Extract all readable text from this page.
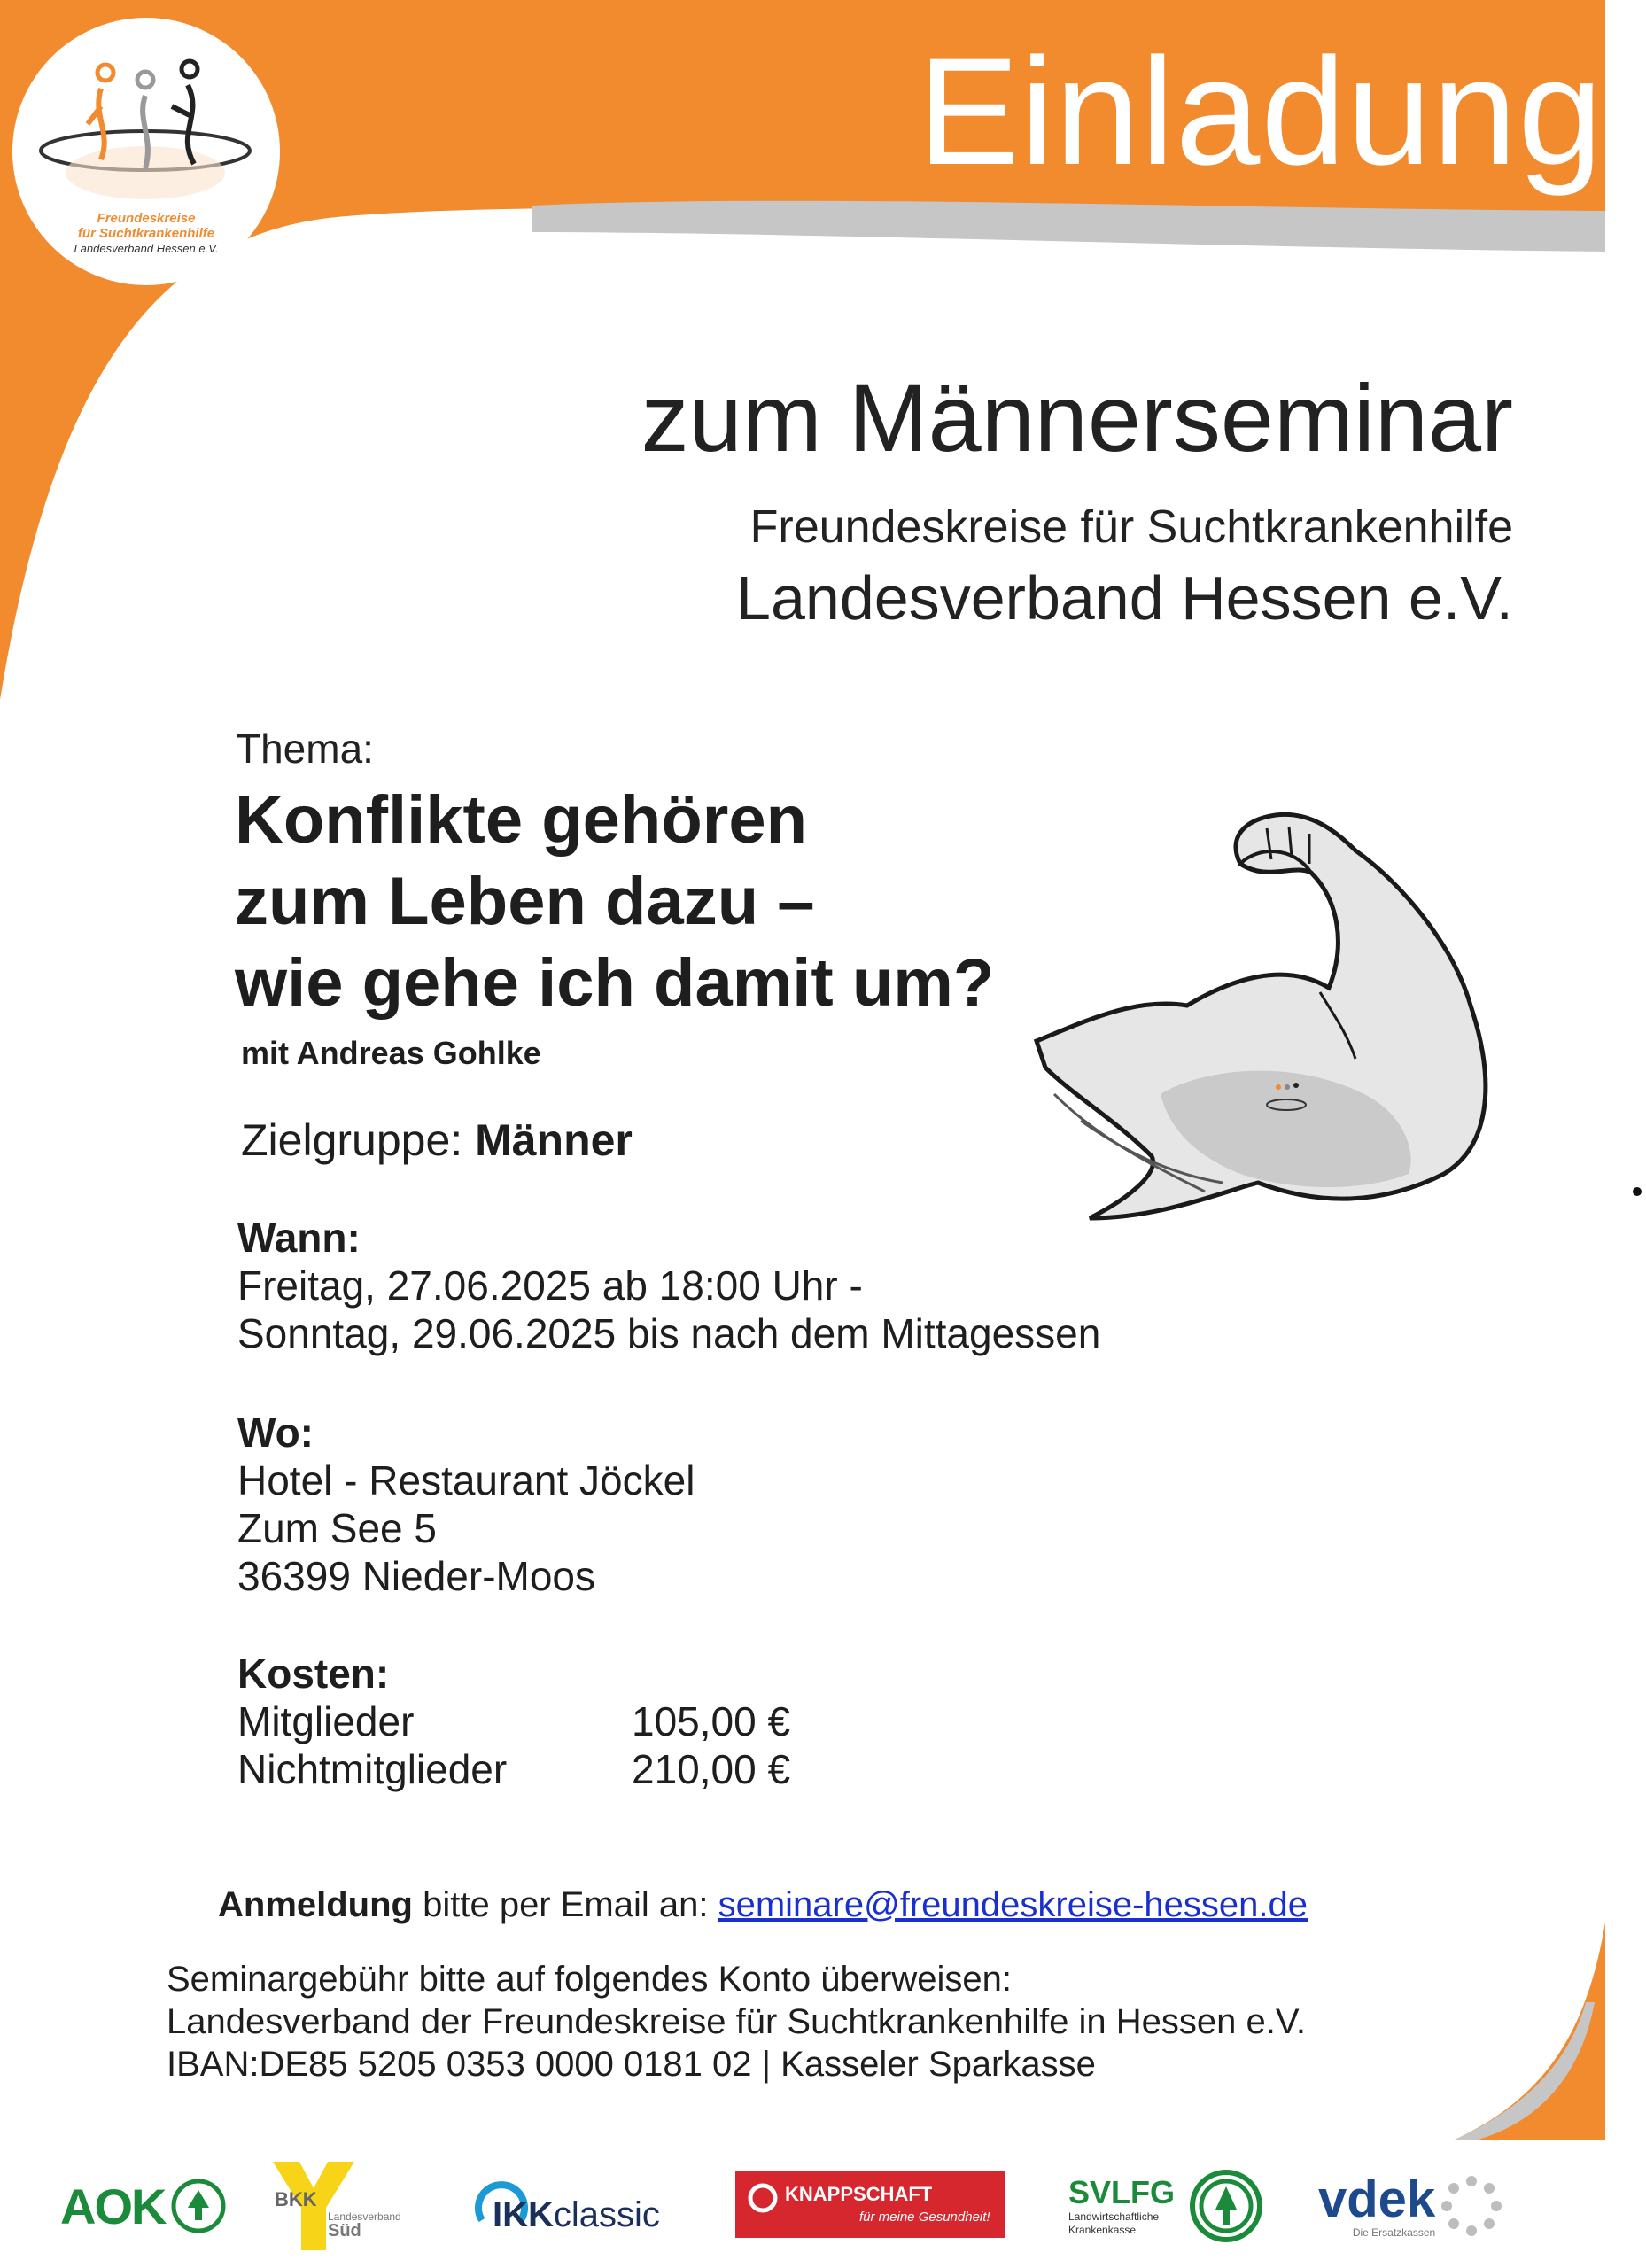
Freundeskreise
für Suchtkrankenhilfe
Landesverband Hessen e.V.
Einladung
zum Männerseminar
Freundeskreise für Suchtkrankenhilfe
Landesverband Hessen e.V.
Thema:
Konflikte gehören
zum Leben dazu –
wie gehe ich damit um?
mit Andreas Gohlke
Zielgruppe: Männer
Wann:
Freitag, 27.06.2025 ab 18:00 Uhr -
Sonntag, 29.06.2025 bis nach dem Mittagessen
Wo:
Hotel - Restaurant Jöckel
Zum See 5
36399 Nieder-Moos
Kosten:
Mitglieder	105,00 €
Nichtmitglieder	210,00 €
Anmeldung bitte per Email an: seminare@freundeskreise-hessen.de
Seminargebühr bitte auf folgendes Konto überweisen:
Landesverband der Freundeskreise für Suchtkrankenhilfe in Hessen e.V.
IBAN:DE85 5205 0353 0000 0181 02 | Kasseler Sparkasse
AOK	BKK
Landesverband
Süd	IKK classic
KNAPPSCHAFT
für meine Gesundheit!
SVLFG
Landwirtschaftliche
Krankenkasse
vdek
Die Ersatzkassen
